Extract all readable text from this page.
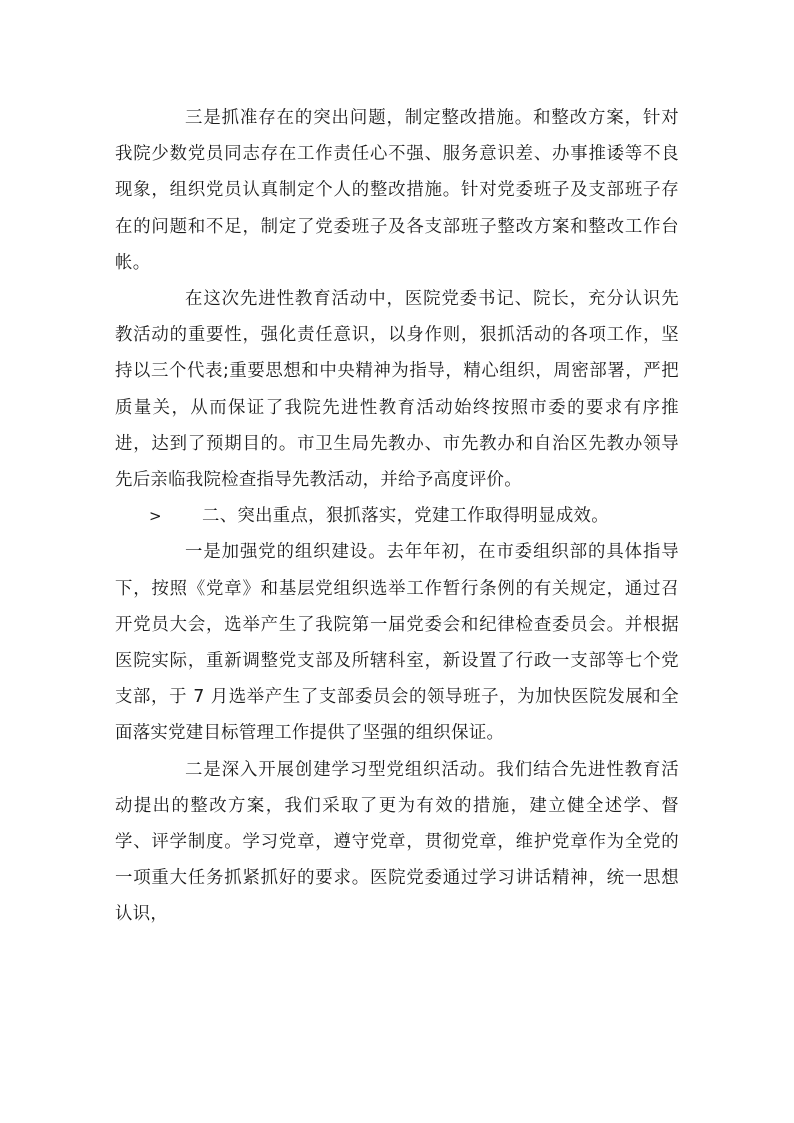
三是抓准存在的突出问题，制定整改措施。和整改方案，针对我院少数党员同志存在工作责任心不强、服务意识差、办事推诿等不良现象，组织党员认真制定个人的整改措施。针对党委班子及支部班子存在的问题和不足，制定了党委班子及各支部班子整改方案和整改工作台帐。

在这次先进性教育活动中，医院党委书记、院长，充分认识先教活动的重要性，强化责任意识，以身作则，狠抓活动的各项工作，坚持以三个代表;重要思想和中央精神为指导，精心组织，周密部署，严把质量关，从而保证了我院先进性教育活动始终按照市委的要求有序推进，达到了预期目的。市卫生局先教办、市先教办和自治区先教办领导先后亲临我院检查指导先教活动，并给予高度评价。

> 二、突出重点，狠抓落实，党建工作取得明显成效。

一是加强党的组织建设。去年年初，在市委组织部的具体指导下，按照《党章》和基层党组织选举工作暂行条例的有关规定，通过召开党员大会，选举产生了我院第一届党委会和纪律检查委员会。并根据医院实际，重新调整党支部及所辖科室，新设置了行政一支部等七个党支部，于 7 月选举产生了支部委员会的领导班子，为加快医院发展和全面落实党建目标管理工作提供了坚强的组织保证。

二是深入开展创建学习型党组织活动。我们结合先进性教育活动提出的整改方案，我们采取了更为有效的措施，建立健全述学、督学、评学制度。学习党章，遵守党章，贯彻党章，维护党章作为全党的一项重大任务抓紧抓好的要求。医院党委通过学习讲话精神，统一思想认识，
